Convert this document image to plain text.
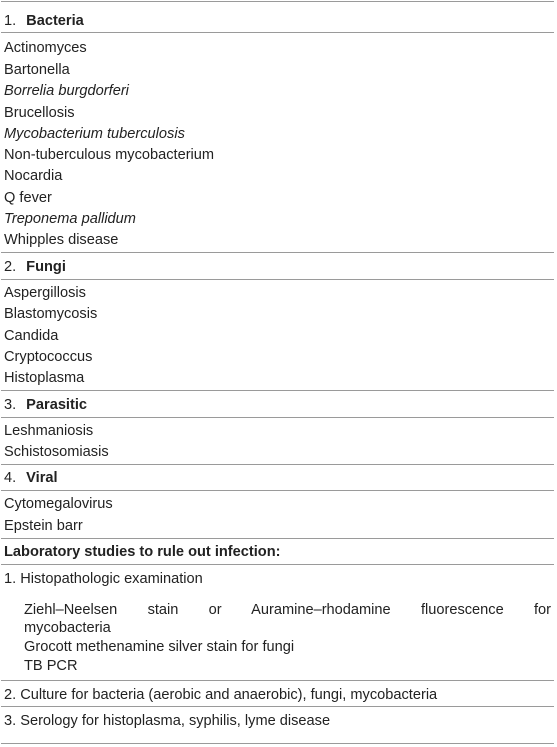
1. Bacteria
Actinomyces
Bartonella
Borrelia burgdorferi
Brucellosis
Mycobacterium tuberculosis
Non-tuberculous mycobacterium
Nocardia
Q fever
Treponema pallidum
Whipples disease
2. Fungi
Aspergillosis
Blastomycosis
Candida
Cryptococcus
Histoplasma
3. Parasitic
Leshmaniosis
Schistosomiasis
4. Viral
Cytomegalovirus
Epstein barr
Laboratory studies to rule out infection:
1. Histopathologic examination
Ziehl–Neelsen stain or Auramine–rhodamine fluorescence for
mycobacteria
Grocott methenamine silver stain for fungi
TB PCR
2. Culture for bacteria (aerobic and anaerobic), fungi, mycobacteria
3. Serology for histoplasma, syphilis, lyme disease
